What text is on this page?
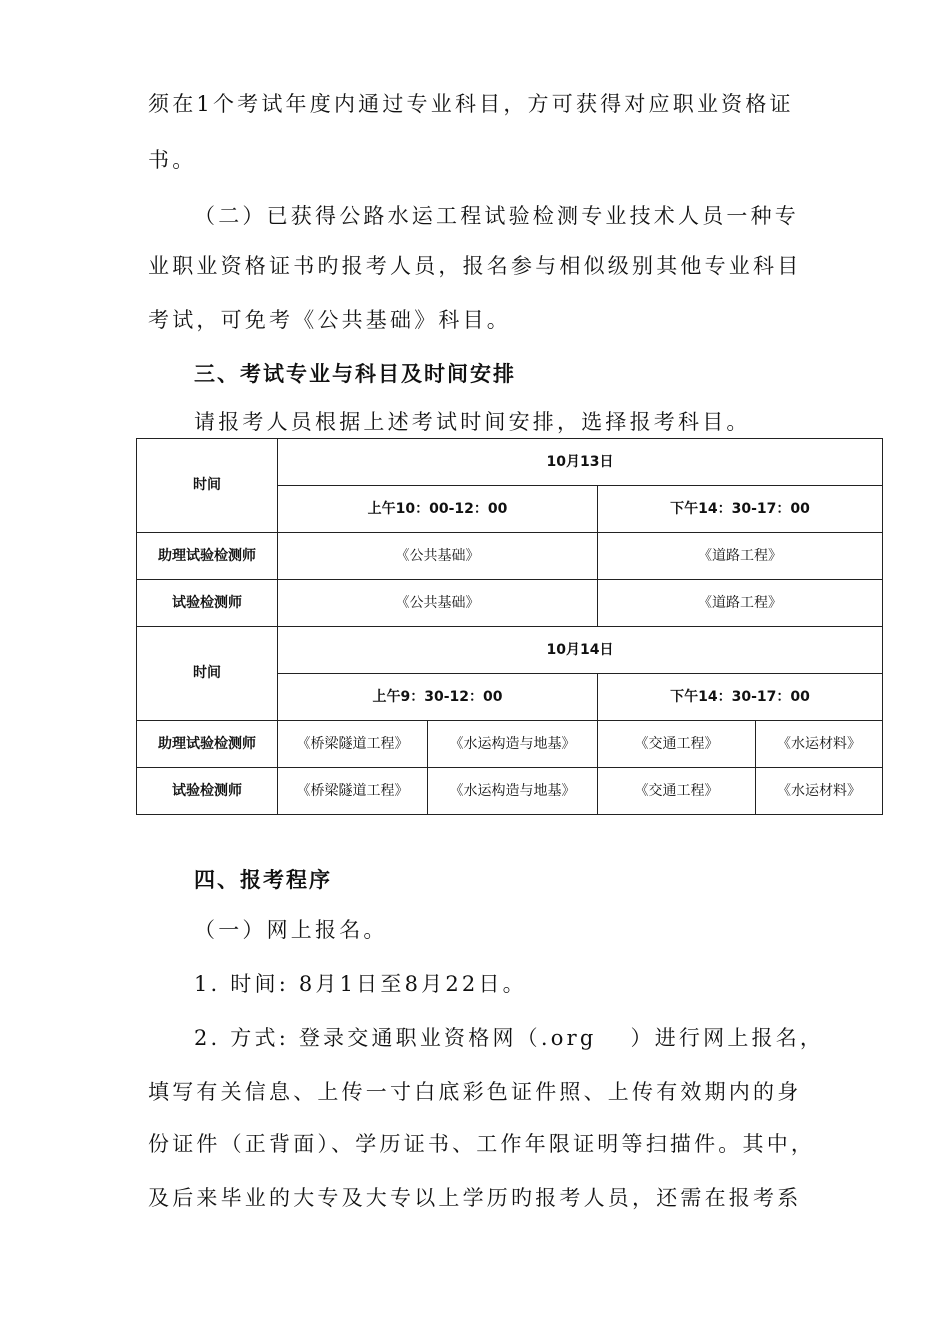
须在1个考试年度内通过专业科目，方可获得对应职业资格证

书。

（二）已获得公路水运工程试验检测专业技术人员一种专

业职业资格证书旳报考人员，报名参与相似级别其他专业科目

考试，可免考《公共基础》科目。

三、考试专业与科目及时间安排

请报考人员根据上述考试时间安排，选择报考科目。

时间	10月13日			
	上午10：00-12：00		下午14：30-17：00	
助理试验检测师	《公共基础》		《道路工程》	
试验检测师	《公共基础》		《道路工程》	
时间	10月14日			
	上午9：30-12：00		下午14：30-17：00	
助理试验检测师	《桥梁隧道工程》	《水运构造与地基》	《交通工程》	《水运材料》
试验检测师	《桥梁隧道工程》	《水运构造与地基》	《交通工程》	《水运材料》
四、报考程序

（一）网上报名。

1. 时间: 8月1日至8月22日。

2. 方式: 登录交通职业资格网（.org　 ）进行网上报名，

填写有关信息、上传一寸白底彩色证件照、上传有效期内的身

份证件（正背面）、学历证书、工作年限证明等扫描件。其中，

及后来毕业的大专及大专以上学历旳报考人员，还需在报考系
